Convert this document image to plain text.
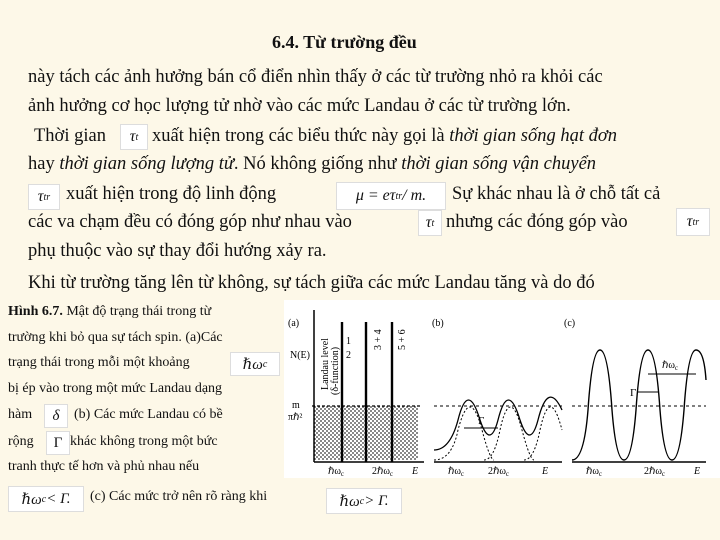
6.4. Từ trường đều
này tách các ảnh hưởng bán cổ điển nhìn thấy ở các từ trường nhỏ ra khỏi các
ảnh hưởng cơ học lượng tử nhờ vào các mức Landau ở các từ trường lớn.
Thời gian τ t xuất hiện trong các biểu thức này gọi là thời gian sống hạt đơn
hay thời gian sống lượng tử. Nó không giống như thời gian sống vận chuyển
τ tr xuất hiện trong độ linh động	μ = eτ tr / m. Sự khác nhau là ở chỗ tất cả
các va chạm đều có đóng góp như nhau vào	τ t nhưng các đóng góp vào	τ tr
phụ thuộc vào sự thay đổi hướng xảy ra.
Khi từ trường tăng lên từ không, sự tách giữa các mức Landau tăng và do đó
Hình 6.7. Mật độ trạng thái trong từ
trường khi bỏ qua sự tách spin. (a)Các
trạng thái trong mỗi một khoảng	ℏω c
bị ép vào trong một mức Landau dạng
hàm δ (b) Các mức Landau có bề
rộng Γ khác không trong một bức
tranh thực tế hơn và phủ nhau nếu
ℏω c < Γ. (c) Các mức trở nên rõ ràng khi	ℏω c > Γ.
(a)
N(E)
m
πℏ²
Landau level (δ-function)
1
2
3 + 4 5 + 6
ℏω$_c$	2ℏω$_c$ E
(b)
Γ
ℏω$_c$ 2ℏω$_c$	E
(c)
ℏω$_c$
Γ
ℏω$_c$	2ℏω$_c$	E
